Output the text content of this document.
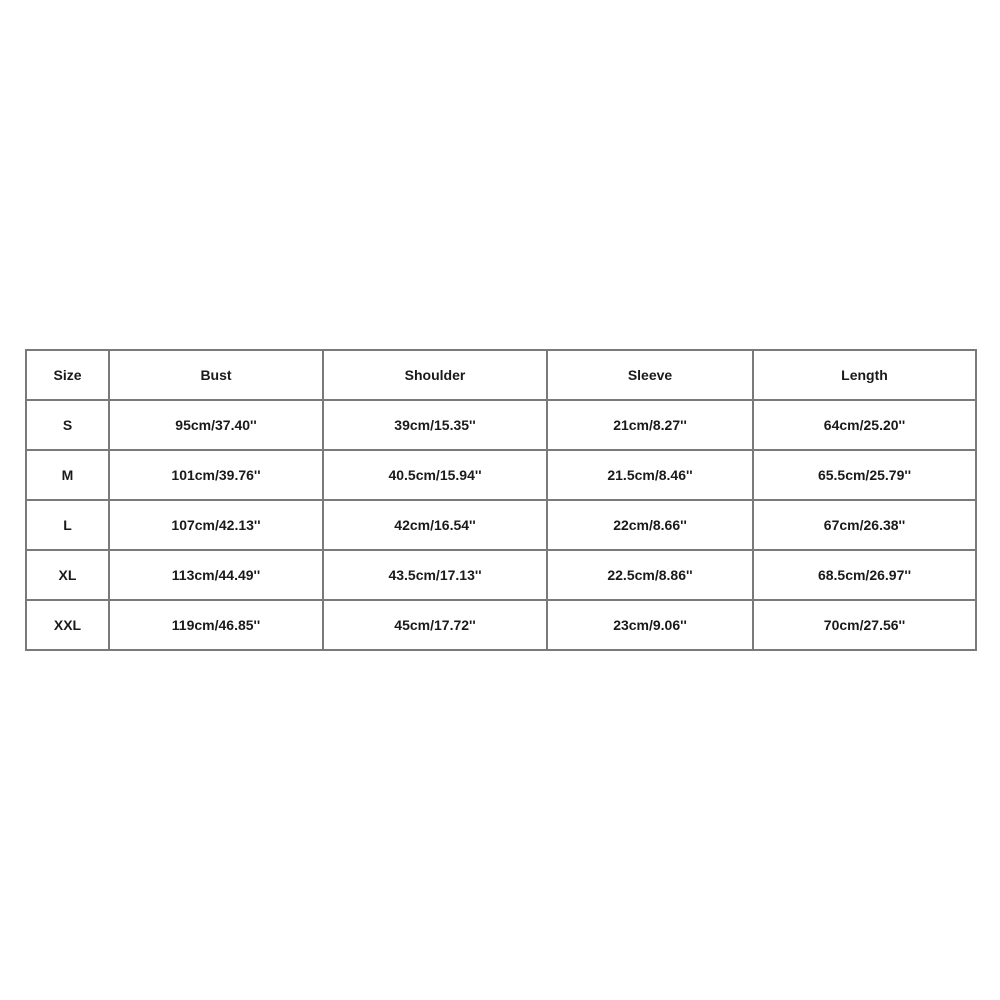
Size	Bust	Shoulder	Sleeve	Length
S	95cm/37.40''	39cm/15.35''	21cm/8.27''	64cm/25.20''
M	101cm/39.76''	40.5cm/15.94''	21.5cm/8.46''	65.5cm/25.79''
L	107cm/42.13''	42cm/16.54''	22cm/8.66''	67cm/26.38''
XL	113cm/44.49''	43.5cm/17.13''	22.5cm/8.86''	68.5cm/26.97''
XXL	119cm/46.85''	45cm/17.72''	23cm/9.06''	70cm/27.56''
